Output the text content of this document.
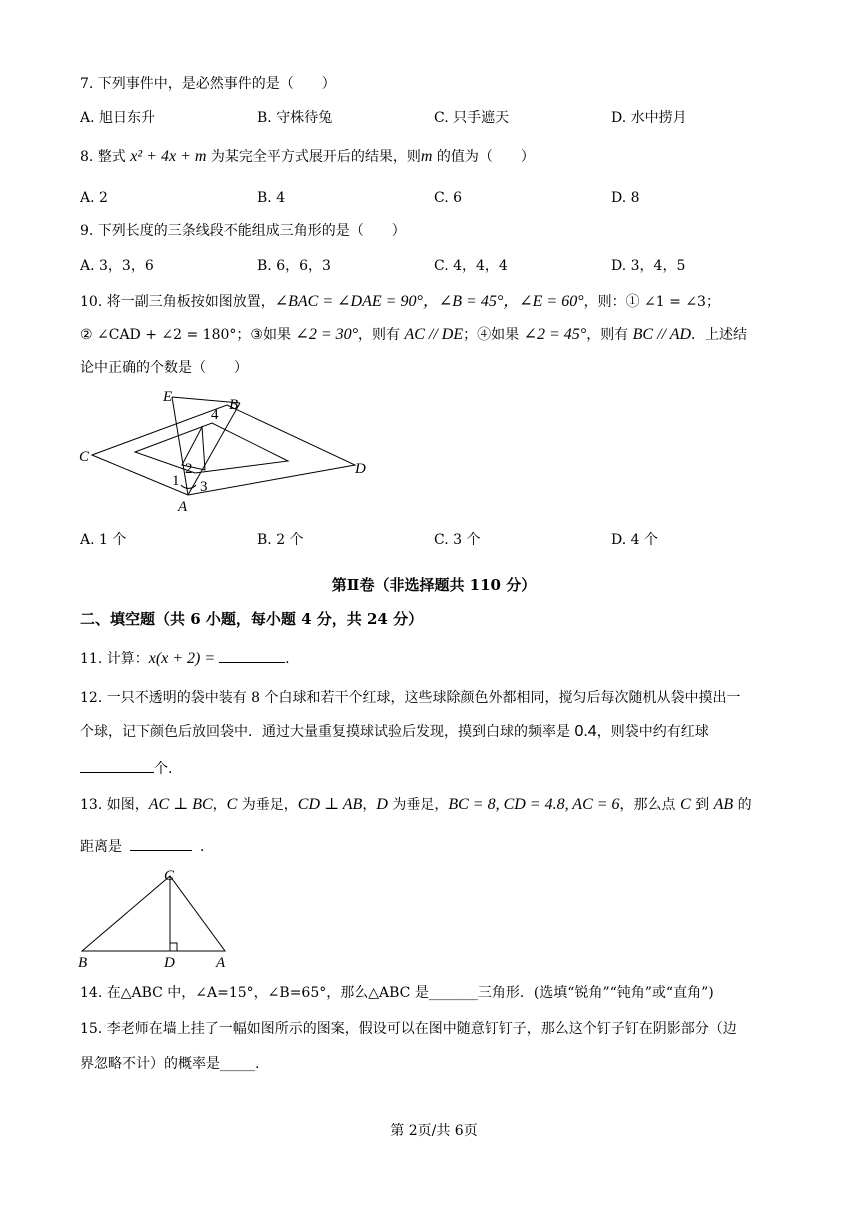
7. 下列事件中，是必然事件的是（　　）
A. 旭日东升	B. 守株待兔	C. 只手遮天	D. 水中捞月
8. 整式 x² + 4x + m 为某完全平方式展开后的结果，则m 的值为（　　）
A. 2	B. 4	C. 6	D. 8
9. 下列长度的三条线段不能组成三角形的是（　　）
A. 3，3，6	B. 6，6，3	C. 4，4，4	D. 3，4，5
10. 将一副三角板按如图放置，∠BAC = ∠DAE = 90°，∠B = 45°，∠E = 60°，则：① ∠1 = ∠3；
② ∠CAD + ∠2 = 180°；③如果 ∠2 = 30°，则有 AC // DE；④如果 ∠2 = 45°，则有 BC // AD．上述结
论中正确的个数是（　　）
E	B
C
D
A
1
2
3
4
A. 1 个	B. 2 个	C. 3 个	D. 4 个
第Ⅱ卷（非选择题共 110 分）
二、填空题（共 6 小题，每小题 4 分，共 24 分）
11. 计算：x(x + 2) =	.
12. 一只不透明的袋中装有 8 个白球和若干个红球，这些球除颜色外都相同，搅匀后每次随机从袋中摸出一
个球，记下颜色后放回袋中．通过大量重复摸球试验后发现，摸到白球的频率是 0.4，则袋中约有红球
个.
13. 如图，AC ⊥ BC，C 为垂足，CD ⊥ AB，D 为垂足，BC = 8, CD = 4.8, AC = 6，那么点 C 到 AB 的
距离是	．
C
B	D	A
14. 在△ABC 中，∠A=15°，∠B=65°，那么△ABC 是_______三角形．(选填“锐角”“钝角”或“直角”)
15. 李老师在墙上挂了一幅如图所示的图案，假设可以在图中随意钉钉子，那么这个钉子钉在阴影部分（边
界忽略不计）的概率是_____.
第 2页/共 6页
